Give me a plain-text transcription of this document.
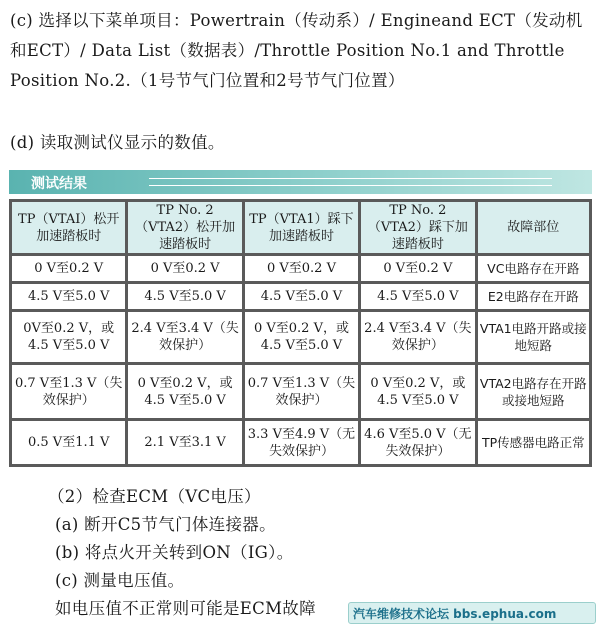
(c) 选择以下菜单项目：Powertrain（传动系）/ Engineand ECT（发动机和ECT）/ Data List（数据表）/Throttle Position No.1 and Throttle Position No.2.（1号节气门位置和2号节气门位置）

(d) 读取测试仪显示的数值。

测试结果
TP（VTAI）松开加速踏板时	TP No. 2（VTA2）松开加速踏板时	TP（VTA1）踩下加速踏板时	TP No. 2（VTA2）踩下加速踏板时	故障部位
0 V至0.2 V	0 V至0.2 V	0 V至0.2 V	0 V至0.2 V	VC电路存在开路
4.5 V至5.0 V	4.5 V至5.0 V	4.5 V至5.0 V	4.5 V至5.0 V	E2电路存在开路
0V至0.2 V，或4.5 V至5.0 V	2.4 V至3.4 V（失效保护）	0 V至0.2 V，或4.5 V至5.0 V	2.4 V至3.4 V（失效保护）	VTA1电路开路或接地短路
0.7 V至1.3 V（失效保护）	0 V至0.2 V，或4.5 V至5.0 V	0.7 V至1.3 V（失效保护）	0 V至0.2 V，或4.5 V至5.0 V	VTA2电路存在开路或接地短路
0.5 V至1.1 V	2.1 V至3.1 V	3.3 V至4.9 V（无失效保护）	4.6 V至5.0 V（无失效保护）	TP传感器电路正常

（2）检查ECM（VC电压）

(a) 断开C5节气门体连接器。

(b) 将点火开关转到ON（IG）。

(c) 测量电压值。

如电压值不正常则可能是ECM故障	汽车维修技术论坛 bbs.ephua.com
